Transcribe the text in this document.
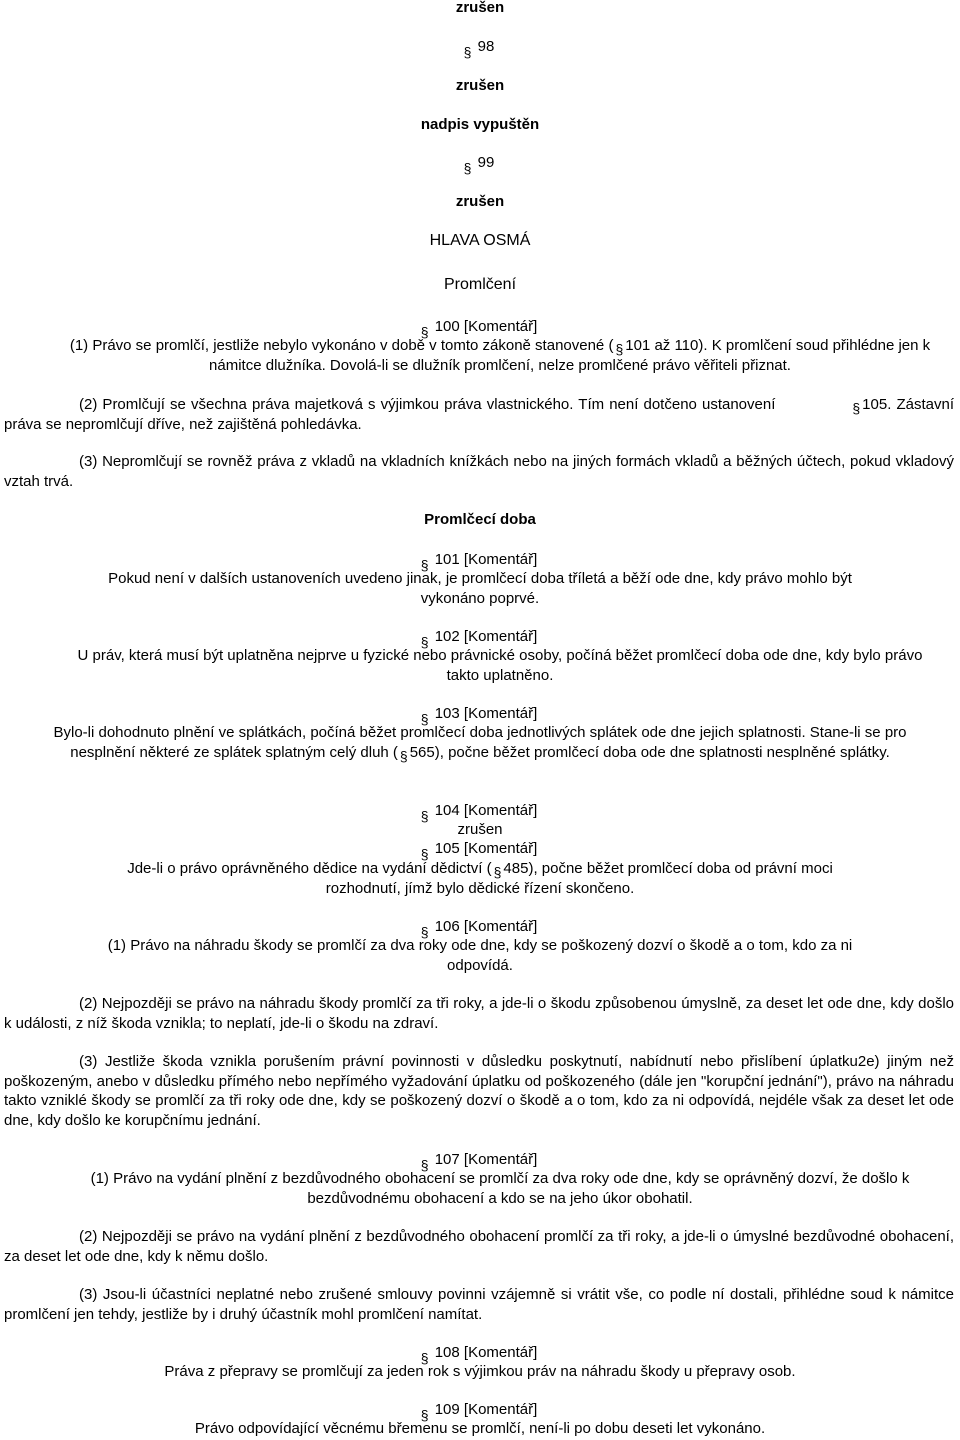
zrušen
§ 98
zrušen
nadpis vypuštěn
§ 99
zrušen
HLAVA OSMÁ
Promlčení
§ 100 [Komentář]
(1) Právo se promlčí, jestliže nebylo vykonáno v době v tomto zákoně stanovené ( § 101 až 110). K promlčení soud přihlédne jen k námitce dlužníka. Dovolá-li se dlužník promlčení, nelze promlčené právo věřiteli přiznat.
(2) Promlčují se všechna práva majetková s výjimkou práva vlastnického. Tím není dotčeno ustanovení	§ 105. Zástavní práva se nepromlčují dříve, než zajištěná pohledávka.
(3) Nepromlčují se rovněž práva z vkladů na vkladních knížkách nebo na jiných formách vkladů a běžných účtech, pokud vkladový vztah trvá.
Promlčecí doba
§ 101 [Komentář]
Pokud není v dalších ustanoveních uvedeno jinak, je promlčecí doba tříletá a běží ode dne, kdy právo mohlo být vykonáno poprvé.
§ 102 [Komentář]
U práv, která musí být uplatněna nejprve u fyzické nebo právnické osoby, počíná běžet promlčecí doba ode dne, kdy bylo právo takto uplatněno.
§ 103 [Komentář]
Bylo-li dohodnuto plnění ve splátkách, počíná běžet promlčecí doba jednotlivých splátek ode dne jejich splatnosti. Stane-li se pro nesplnění některé ze splátek splatným celý dluh ( § 565), počne běžet promlčecí doba ode dne splatnosti nesplněné splátky.
§ 104 [Komentář]
zrušen
§ 105 [Komentář]
Jde-li o právo oprávněného dědice na vydání dědictví ( § 485), počne běžet promlčecí doba od právní moci rozhodnutí, jímž bylo dědické řízení skončeno.
§ 106 [Komentář]
(1) Právo na náhradu škody se promlčí za dva roky ode dne, kdy se poškozený dozví o škodě a o tom, kdo za ni odpovídá.
(2) Nejpozději se právo na náhradu škody promlčí za tři roky, a jde-li o škodu způsobenou úmyslně, za deset let ode dne, kdy došlo k události, z níž škoda vznikla; to neplatí, jde-li o škodu na zdraví.
(3) Jestliže škoda vznikla porušením právní povinnosti v důsledku poskytnutí, nabídnutí nebo přislíbení úplatku2e) jiným než poškozeným, anebo v důsledku přímého nebo nepřímého vyžadování úplatku od poškozeného (dále jen "korupční jednání"), právo na náhradu takto vzniklé škody se promlčí za tři roky ode dne, kdy se poškozený dozví o škodě a o tom, kdo za ni odpovídá, nejdéle však za deset let ode dne, kdy došlo ke korupčnímu jednání.
§ 107 [Komentář]
(1) Právo na vydání plnění z bezdůvodného obohacení se promlčí za dva roky ode dne, kdy se oprávněný dozví, že došlo k bezdůvodnému obohacení a kdo se na jeho úkor obohatil.
(2) Nejpozději se právo na vydání plnění z bezdůvodného obohacení promlčí za tři roky, a jde-li o úmyslné bezdůvodné obohacení, za deset let ode dne, kdy k němu došlo.
(3) Jsou-li účastníci neplatné nebo zrušené smlouvy povinni vzájemně si vrátit vše, co podle ní dostali, přihlédne soud k námitce promlčení jen tehdy, jestliže by i druhý účastník mohl promlčení namítat.
§ 108 [Komentář]
Práva z přepravy se promlčují za jeden rok s výjimkou práv na náhradu škody u přepravy osob.
§ 109 [Komentář]
Právo odpovídající věcnému břemenu se promlčí, není-li po dobu deseti let vykonáno.
